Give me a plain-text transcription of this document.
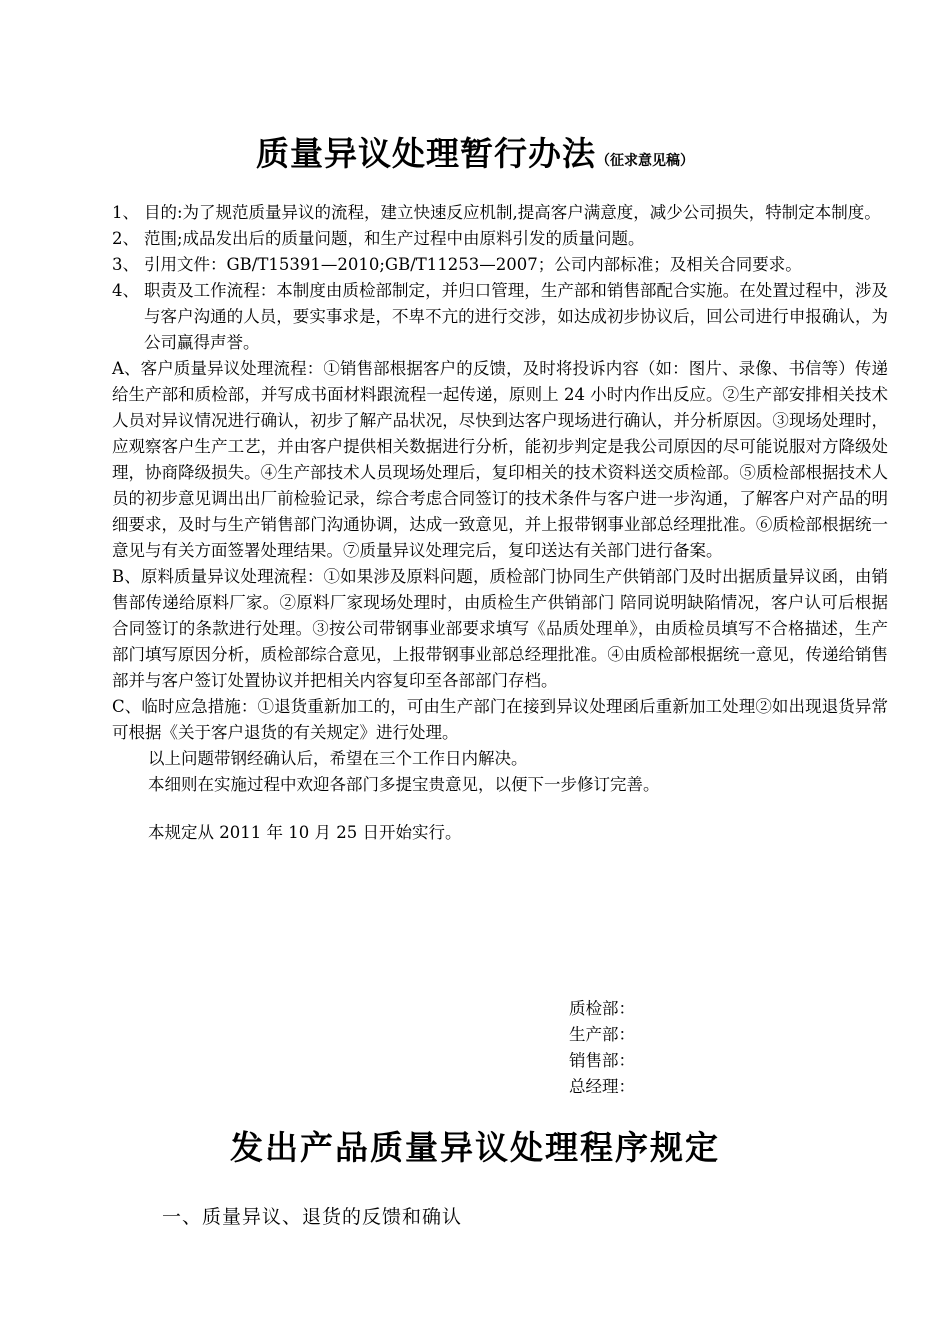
质量异议处理暂行办法（征求意见稿）
1、 目的:为了规范质量异议的流程，建立快速反应机制,提高客户满意度，减少公司损失，特制定本制度。
2、 范围;成品发出后的质量问题，和生产过程中由原料引发的质量问题。
3、 引用文件：GB/T15391—2010;GB/T11253—2007；公司内部标准；及相关合同要求。
4、 职责及工作流程：本制度由质检部制定，并归口管理，生产部和销售部配合实施。在处置过程中，涉及与客户沟通的人员，要实事求是，不卑不亢的进行交涉，如达成初步协议后，回公司进行申报确认，为公司赢得声誉。
A、客户质量异议处理流程：①销售部根据客户的反馈，及时将投诉内容（如：图片、录像、书信等）传递给生产部和质检部，并写成书面材料跟流程一起传递，原则上 24 小时内作出反应。②生产部安排相关技术人员对异议情况进行确认，初步了解产品状况，尽快到达客户现场进行确认，并分析原因。③现场处理时，应观察客户生产工艺，并由客户提供相关数据进行分析，能初步判定是我公司原因的尽可能说服对方降级处理，协商降级损失。④生产部技术人员现场处理后，复印相关的技术资料送交质检部。⑤质检部根据技术人员的初步意见调出出厂前检验记录，综合考虑合同签订的技术条件与客户进一步沟通，了解客户对产品的明细要求，及时与生产销售部门沟通协调，达成一致意见，并上报带钢事业部总经理批准。⑥质检部根据统一意见与有关方面签署处理结果。⑦质量异议处理完后，复印送达有关部门进行备案。
B、原料质量异议处理流程：①如果涉及原料问题，质检部门协同生产供销部门及时出据质量异议函，由销售部传递给原料厂家。②原料厂家现场处理时，由质检生产供销部门 陪同说明缺陷情况，客户认可后根据合同签订的条款进行处理。③按公司带钢事业部要求填写《品质处理单》，由质检员填写不合格描述，生产部门填写原因分析，质检部综合意见，上报带钢事业部总经理批准。④由质检部根据统一意见，传递给销售部并与客户签订处置协议并把相关内容复印至各部部门存档。
C、临时应急措施：①退货重新加工的，可由生产部门在接到异议处理函后重新加工处理②如出现退货异常可根据《关于客户退货的有关规定》进行处理。
以上问题带钢经确认后，希望在三个工作日内解决。
本细则在实施过程中欢迎各部门多提宝贵意见，以便下一步修订完善。
本规定从 2011 年 10 月 25 日开始实行。
质检部：
生产部：
销售部：
总经理：
发出产品质量异议处理程序规定
一、质量异议、退货的反馈和确认
